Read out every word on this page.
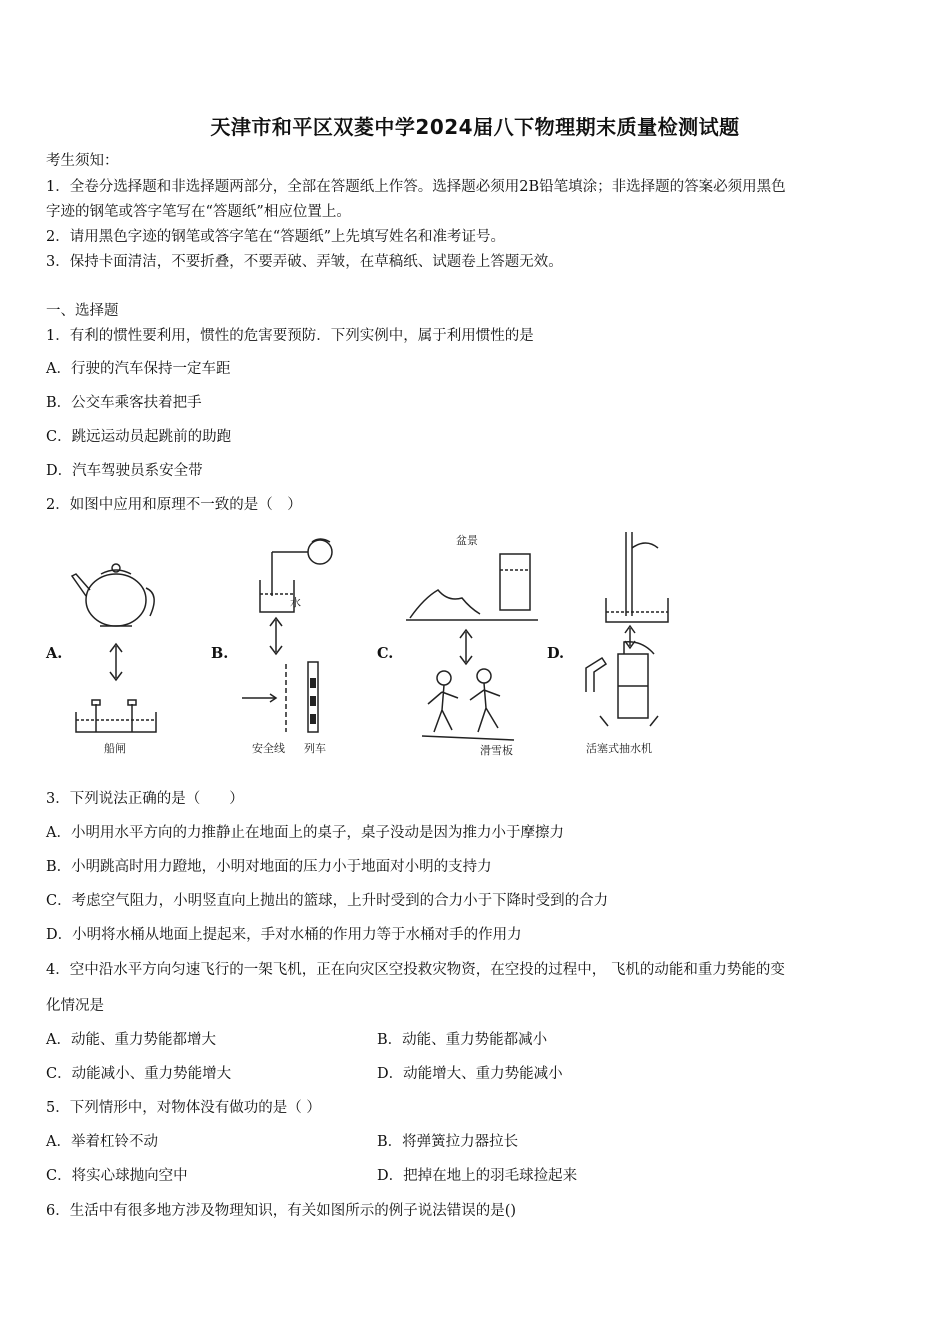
天津市和平区双菱中学2024届八下物理期末质量检测试题
考生须知：
1．全卷分选择题和非选择题两部分，全部在答题纸上作答。选择题必须用2B铅笔填涂；非选择题的答案必须用黑色
字迹的钢笔或答字笔写在“答题纸”相应位置上。
2．请用黑色字迹的钢笔或答字笔在“答题纸”上先填写姓名和准考证号。
3．保持卡面清洁，不要折叠，不要弄破、弄皱，在草稿纸、试题卷上答题无效。
一、选择题
1．有利的惯性要利用，惯性的危害要预防．下列实例中，属于利用惯性的是
A．行驶的汽车保持一定车距
B．公交车乘客扶着把手
C．跳远运动员起跳前的助跑
D．汽车驾驶员系安全带
2．如图中应用和原理不一致的是（　）
A.	B.	C.	D.
船闸
水
安全线 列车
盆景
滑雪板	活塞式抽水机
3．下列说法正确的是（　　）
A．小明用水平方向的力推静止在地面上的桌子，桌子没动是因为推力小于摩擦力
B．小明跳高时用力蹬地，小明对地面的压力小于地面对小明的支持力
C．考虑空气阻力，小明竖直向上抛出的篮球，上升时受到的合力小于下降时受到的合力
D．小明将水桶从地面上提起来，手对水桶的作用力等于水桶对手的作用力
4．空中沿水平方向匀速飞行的一架飞机，正在向灾区空投救灾物资，在空投的过程中， 飞机的动能和重力势能的变
化情况是
A．动能、重力势能都增大	B．动能、重力势能都减小
C．动能减小、重力势能增大	D．动能增大、重力势能减小
5．下列情形中，对物体没有做功的是（ ）
A．举着杠铃不动	B．将弹簧拉力器拉长
C．将实心球抛向空中	D．把掉在地上的羽毛球捡起来
6．生活中有很多地方涉及物理知识，有关如图所示的例子说法错误的是()
